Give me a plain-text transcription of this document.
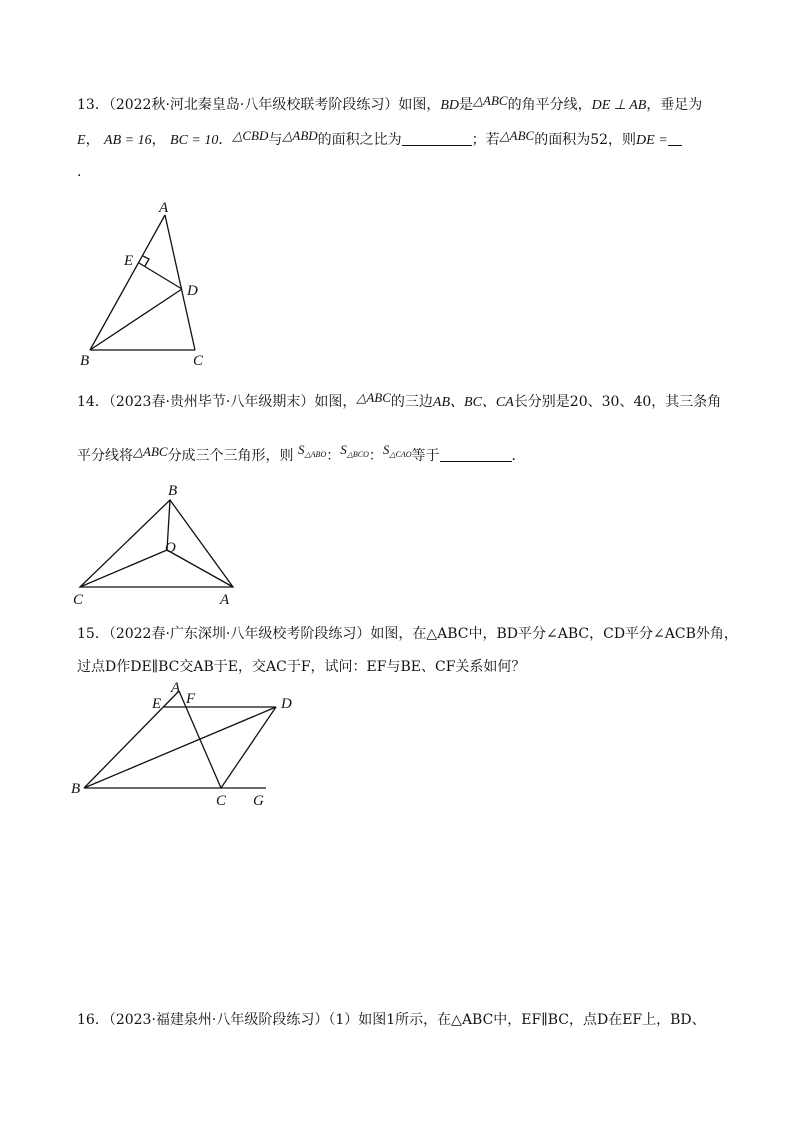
13．（2022秋·河北秦皇岛·八年级校联考阶段练习）如图，BD是△ABC的角平分线，DE ⊥ AB，垂足为
E， AB = 16， BC = 10．△CBD与△ABD的面积之比为	；若△ABC的面积为52，则DE =
.
A
E
D
B	C
14．（2023春·贵州毕节·八年级期末）如图，△ABC的三边AB、BC、CA长分别是20、30、40，其三条角
平分线将△ABC分成三个三角形，则 $S_{\triangle ABO}$：$S_{\triangle BCO}$：$S_{\triangle CAO}$等于	．
B
O
C	A
15．（2022春·广东深圳·八年级校考阶段练习）如图，在△ABC中，BD平分∠ABC，CD平分∠ACB外角，
过点D作DE∥BC交AB于E，交AC于F，试问：EF与BE、CF关系如何？
A
E F	D
B
C G
16．（2023·福建泉州·八年级阶段练习）（1）如图1所示，在△ABC中，EF∥BC，点D在EF上，BD、
